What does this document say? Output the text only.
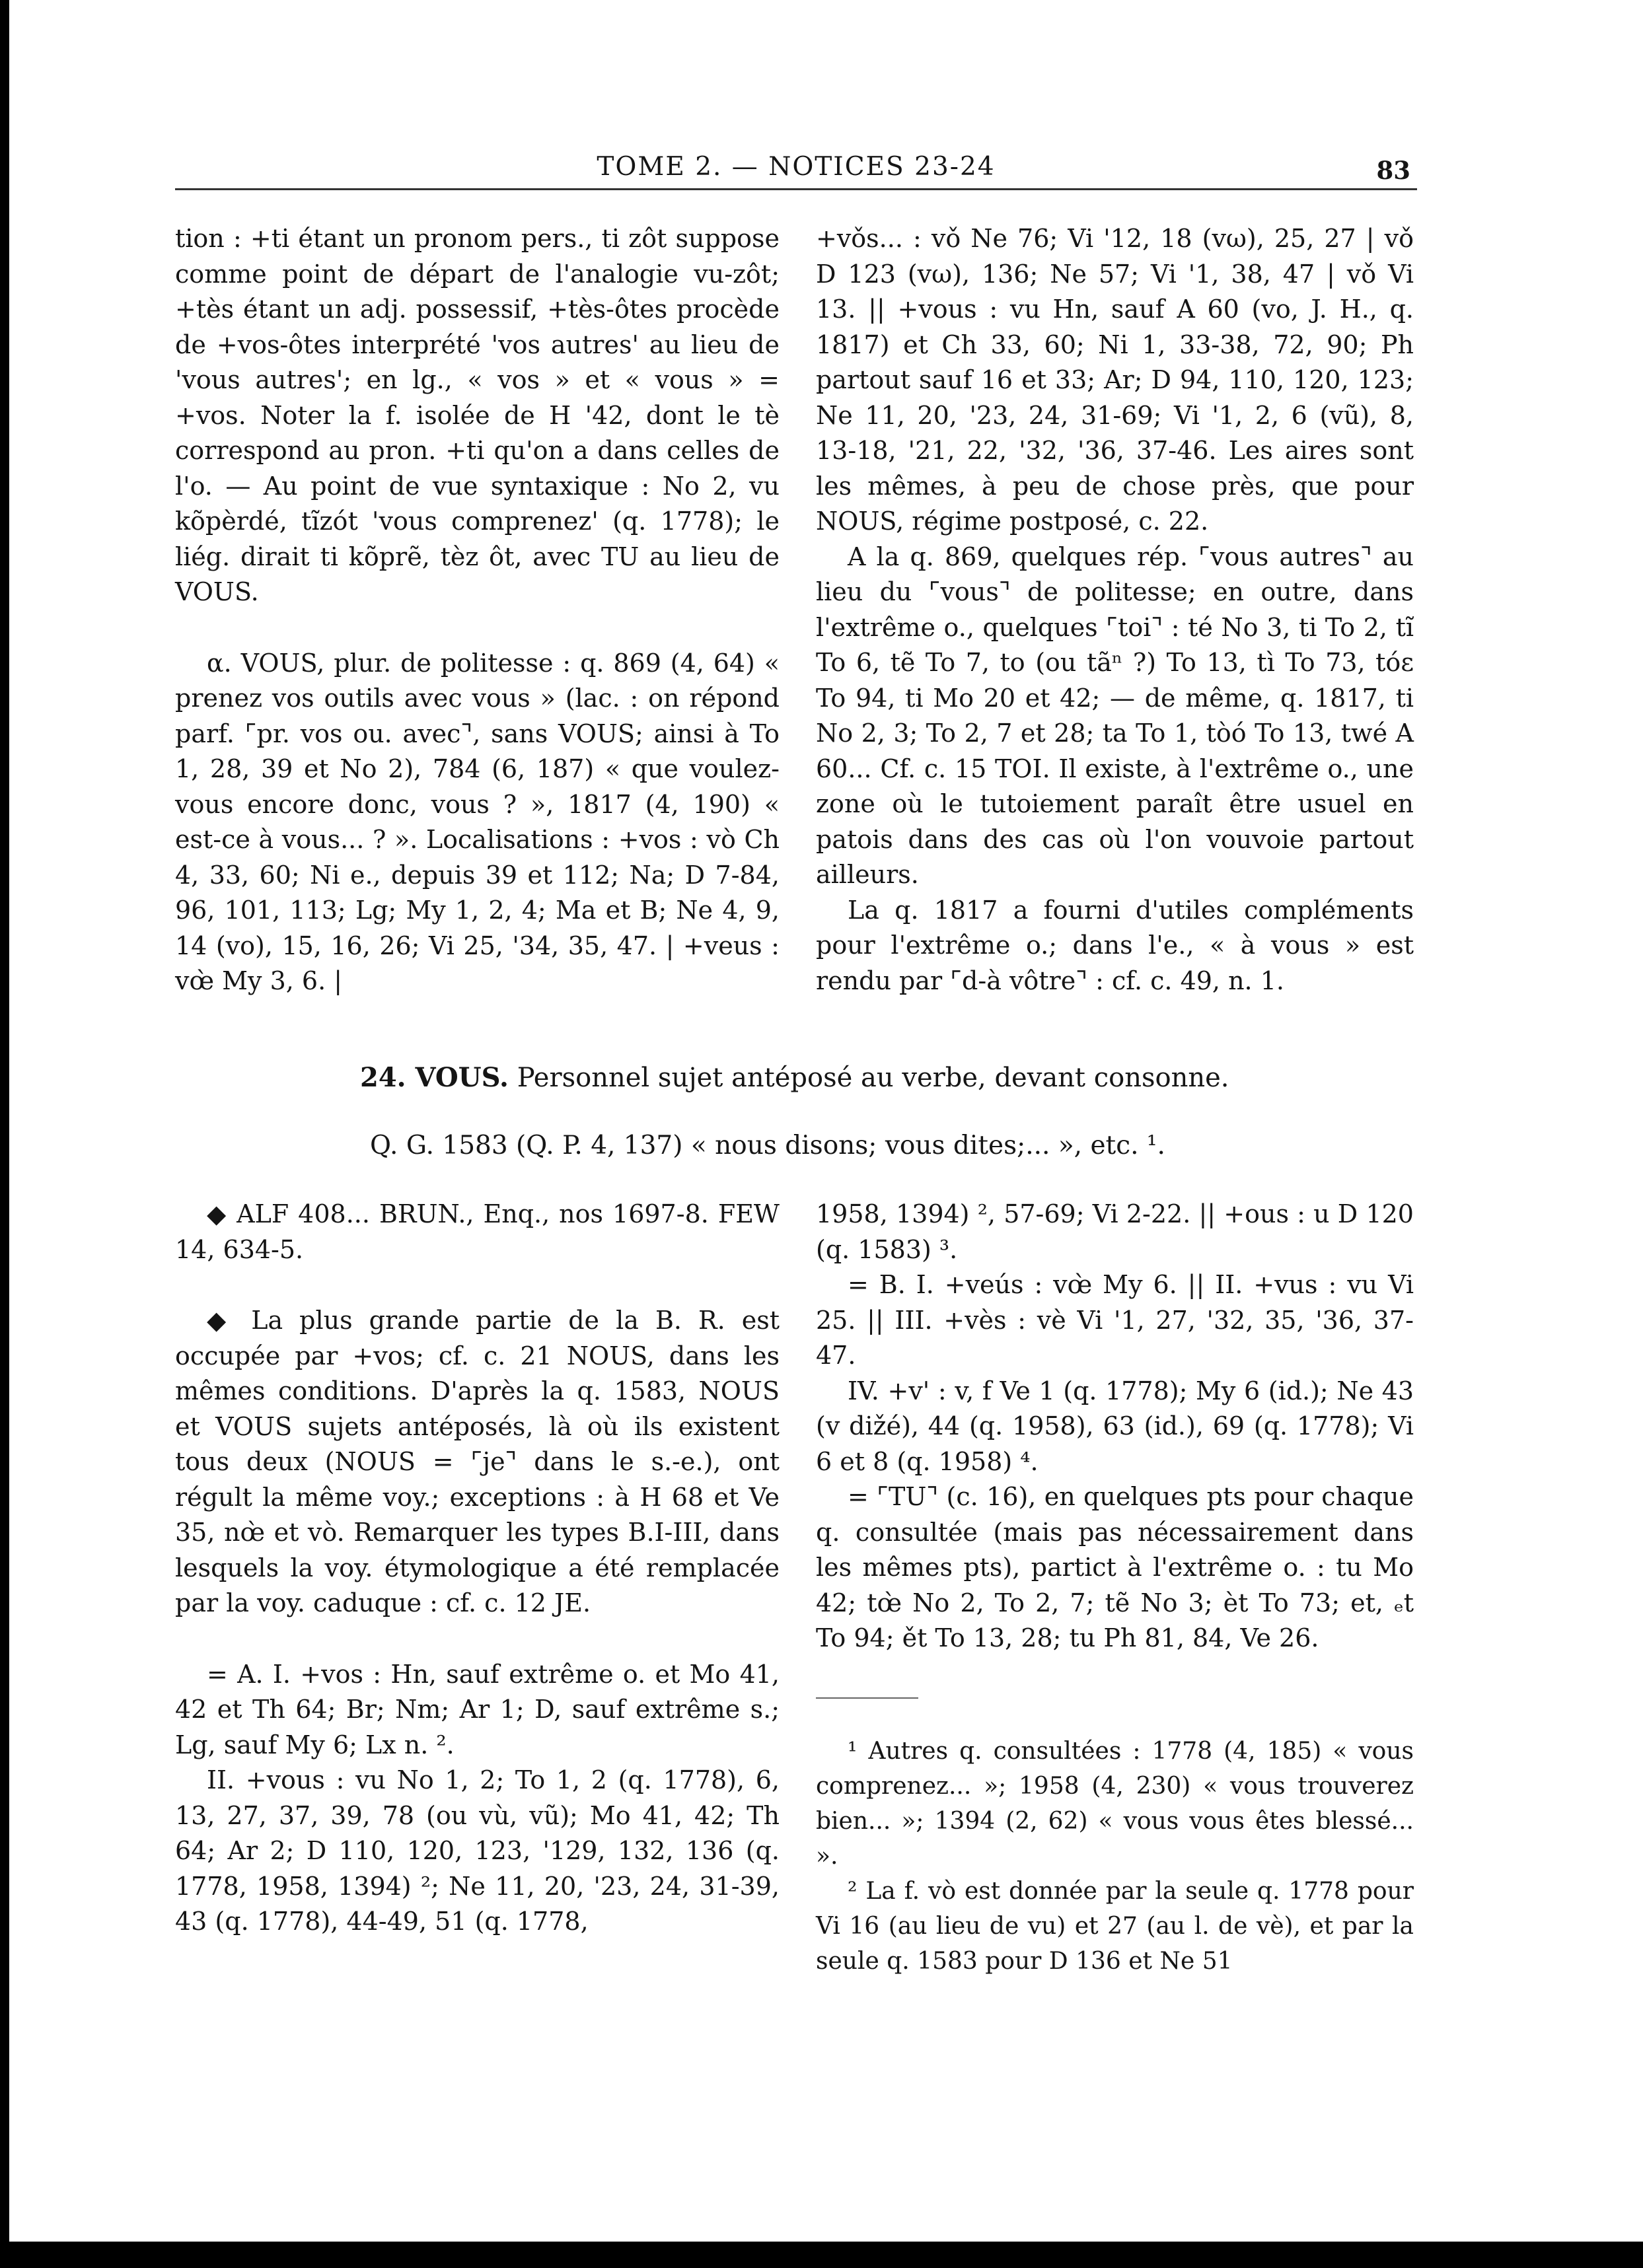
TOME 2. — NOTICES 23-24	83

tion : +ti étant un pronom pers., ti zôt suppose comme point de départ de l'analogie vu-zôt; +tès étant un adj. possessif, +tès-ôtes procède de +vos-ôtes interprété 'vos autres' au lieu de 'vous autres'; en lg., « vos » et « vous » = +vos. Noter la f. isolée de H '42, dont le tè correspond au pron. +ti qu'on a dans celles de l'o. — Au point de vue syntaxique : No 2, vu kõpèrdé, tĩzót 'vous comprenez' (q. 1778); le liég. dirait ti kõprẽ, tèz ôt, avec TU au lieu de VOUS.

α. VOUS, plur. de politesse : q. 869 (4, 64) « prenez vos outils avec vous » (lac. : on répond parf. ⌜pr. vos ou. avec⌝, sans VOUS; ainsi à To 1, 28, 39 et No 2), 784 (6, 187) « que voulez-vous encore donc, vous ? », 1817 (4, 190) « est-ce à vous... ? ». Localisations : +vos : vò Ch 4, 33, 60; Ni e., depuis 39 et 112; Na; D 7-84, 96, 101, 113; Lg; My 1, 2, 4; Ma et B; Ne 4, 9, 14 (vo), 15, 16, 26; Vi 25, '34, 35, 47. | +veus : vœ̀ My 3, 6. |

+vǒs... : vǒ Ne 76; Vi '12, 18 (vω), 25, 27 | vǒ D 123 (vω), 136; Ne 57; Vi '1, 38, 47 | vǒ Vi 13. || +vous : vu Hn, sauf A 60 (vo, J. H., q. 1817) et Ch 33, 60; Ni 1, 33-38, 72, 90; Ph partout sauf 16 et 33; Ar; D 94, 110, 120, 123; Ne 11, 20, '23, 24, 31-69; Vi '1, 2, 6 (vũ), 8, 13-18, '21, 22, '32, '36, 37-46. Les aires sont les mêmes, à peu de chose près, que pour NOUS, régime postposé, c. 22.

A la q. 869, quelques rép. ⌜vous autres⌝ au lieu du ⌜vous⌝ de politesse; en outre, dans l'extrême o., quelques ⌜toi⌝ : té No 3, ti To 2, tĩ To 6, tẽ To 7, to (ou tãⁿ ?) To 13, tì To 73, tóε To 94, ti Mo 20 et 42; — de même, q. 1817, ti No 2, 3; To 2, 7 et 28; ta To 1, tòó To 13, twé A 60... Cf. c. 15 TOI. Il existe, à l'extrême o., une zone où le tutoiement paraît être usuel en patois dans des cas où l'on vouvoie partout ailleurs.

La q. 1817 a fourni d'utiles compléments pour l'extrême o.; dans l'e., « à vous » est rendu par ⌜d-à vôtre⌝ : cf. c. 49, n. 1.

24. VOUS. Personnel sujet antéposé au verbe, devant consonne.
Q. G. 1583 (Q. P. 4, 137) « nous disons; vous dites;... », etc. ¹.

◆ ALF 408... BRUN., Enq., nos 1697-8. FEW 14, 634-5.

◆ La plus grande partie de la B. R. est occupée par +vos; cf. c. 21 NOUS, dans les mêmes conditions. D'après la q. 1583, NOUS et VOUS sujets antéposés, là où ils existent tous deux (NOUS = ⌜je⌝ dans le s.-e.), ont régult la même voy.; exceptions : à H 68 et Ve 35, nœ̀ et vò. Remarquer les types B.I-III, dans lesquels la voy. étymologique a été remplacée par la voy. caduque : cf. c. 12 JE.

= A. I. +vos : Hn, sauf extrême o. et Mo 41, 42 et Th 64; Br; Nm; Ar 1; D, sauf extrême s.; Lg, sauf My 6; Lx n. ².

II. +vous : vu No 1, 2; To 1, 2 (q. 1778), 6, 13, 27, 37, 39, 78 (ou vù, vũ); Mo 41, 42; Th 64; Ar 2; D 110, 120, 123, '129, 132, 136 (q. 1778, 1958, 1394) ²; Ne 11, 20, '23, 24, 31-39, 43 (q. 1778), 44-49, 51 (q. 1778,

1958, 1394) ², 57-69; Vi 2-22. || +ous : u D 120 (q. 1583) ³.

= B. I. +veús : vœ̀ My 6. || II. +vus : vu Vi 25. || III. +vès : vè Vi '1, 27, '32, 35, '36, 37-47.

IV. +v' : v, f Ve 1 (q. 1778); My 6 (id.); Ne 43 (v dižé), 44 (q. 1958), 63 (id.), 69 (q. 1778); Vi 6 et 8 (q. 1958) ⁴.

= ⌜TU⌝ (c. 16), en quelques pts pour chaque q. consultée (mais pas nécessairement dans les mêmes pts), partict à l'extrême o. : tu Mo 42; tœ̀ No 2, To 2, 7; tẽ No 3; èt To 73; et, ₑt To 94; ět To 13, 28; tu Ph 81, 84, Ve 26.

¹ Autres q. consultées : 1778 (4, 185) « vous comprenez... »; 1958 (4, 230) « vous trouverez bien... »; 1394 (2, 62) « vous vous êtes blessé... ».

² La f. vò est donnée par la seule q. 1778 pour Vi 16 (au lieu de vu) et 27 (au l. de vè), et par la seule q. 1583 pour D 136 et Ne 51
